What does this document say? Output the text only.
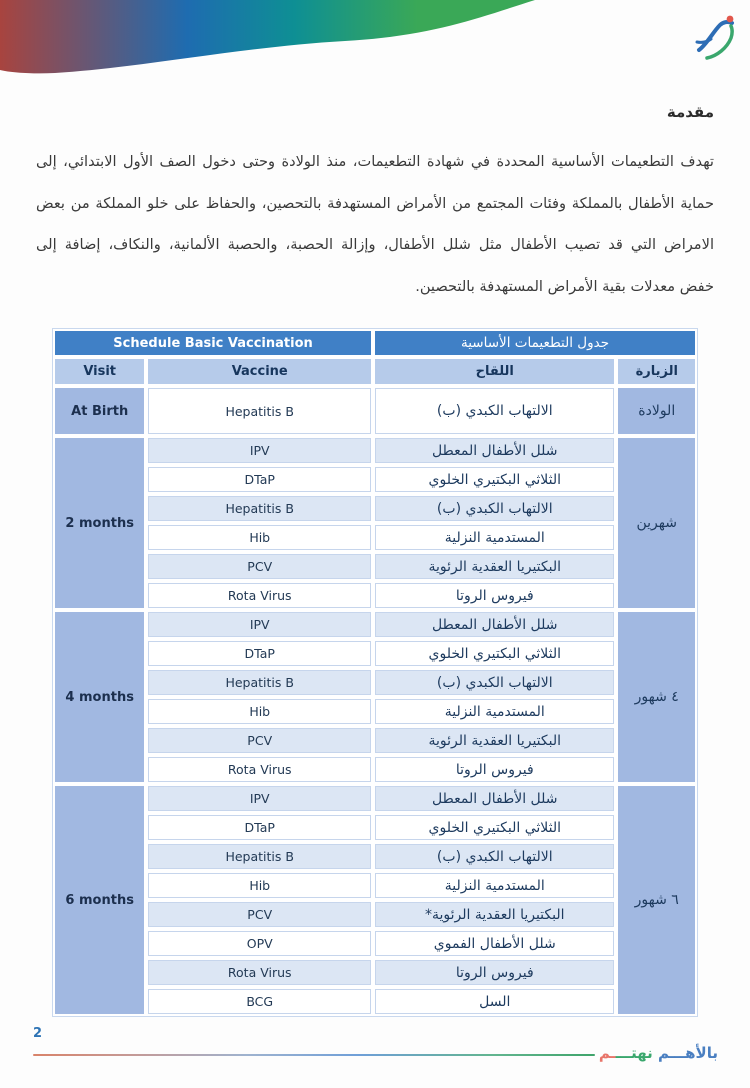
مقدمة
تهدف التطعيمات الأساسية المحددة في شهادة التطعيمات، منذ الولادة وحتى دخول الصف الأول الابتدائي، إلى
حماية الأطفال بالمملكة وفئات المجتمع من الأمراض المستهدفة بالتحصين، والحفاظ على خلو المملكة من بعض
الامراض التي قد تصيب الأطفال مثل شلل الأطفال، وإزالة الحصبة، والحصبة الألمانية، والنكاف، إضافة إلى
خفض معدلات بقية الأمراض المستهدفة بالتحصين.
Schedule Basic Vaccination		جدول التطعيمات الأساسية	
Visit	Vaccine	اللقاح	الزيارة
At Birth	Hepatitis B	الالتهاب الكبدي (ب)	الولادة
2 months	IPV	شلل الأطفال المعطل	شهرين
	DTaP	الثلاثي البكتيري الخلوي	
	Hepatitis B	الالتهاب الكبدي (ب)	
	Hib	المستدمية النزلية	
	PCV	البكتيريا العقدية الرئوية	
	Rota Virus	فيروس الروتا	
4 months	IPV	شلل الأطفال المعطل	٤ شهور
	DTaP	الثلاثي البكتيري الخلوي	
	Hepatitis B	الالتهاب الكبدي (ب)	
	Hib	المستدمية النزلية	
	PCV	البكتيريا العقدية الرئوية	
	Rota Virus	فيروس الروتا	
6 months	IPV	شلل الأطفال المعطل	٦ شهور
	DTaP	الثلاثي البكتيري الخلوي	
	Hepatitis B	الالتهاب الكبدي (ب)	
	Hib	المستدمية النزلية	
	PCV	البكتيريا العقدية الرئوية*	
	OPV	شلل الأطفال الفموي	
	Rota Virus	فيروس الروتا	
	BCG	السل	
2
بالأهـــم نهتــــم
